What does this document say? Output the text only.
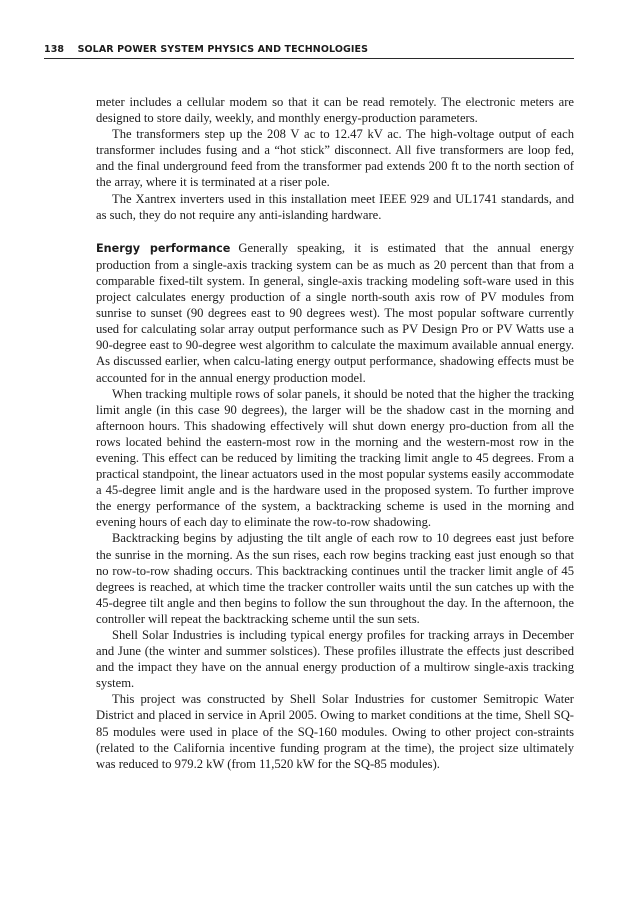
138 SOLAR POWER SYSTEM PHYSICS AND TECHNOLOGIES

meter includes a cellular modem so that it can be read remotely. The electronic meters are designed to store daily, weekly, and monthly energy-production parameters.

The transformers step up the 208 V ac to 12.47 kV ac. The high-voltage output of each transformer includes fusing and a “hot stick” disconnect. All five transformers are loop fed, and the final underground feed from the transformer pad extends 200 ft to the north section of the array, where it is terminated at a riser pole.

The Xantrex inverters used in this installation meet IEEE 929 and UL1741 standards, and as such, they do not require any anti-islanding hardware.

Energy performance Generally speaking, it is estimated that the annual energy production from a single-axis tracking system can be as much as 20 percent than that from a comparable fixed-tilt system. In general, single-axis tracking modeling soft-ware used in this project calculates energy production of a single north-south axis row of PV modules from sunrise to sunset (90 degrees east to 90 degrees west). The most popular software currently used for calculating solar array output performance such as PV Design Pro or PV Watts use a 90-degree east to 90-degree west algorithm to calculate the maximum available annual energy. As discussed earlier, when calcu-lating energy output performance, shadowing effects must be accounted for in the annual energy production model.

When tracking multiple rows of solar panels, it should be noted that the higher the tracking limit angle (in this case 90 degrees), the larger will be the shadow cast in the morning and afternoon hours. This shadowing effectively will shut down energy pro-duction from all the rows located behind the eastern-most row in the morning and the western-most row in the evening. This effect can be reduced by limiting the tracking limit angle to 45 degrees. From a practical standpoint, the linear actuators used in the most popular systems easily accommodate a 45-degree limit angle and is the hardware used in the proposed system. To further improve the energy performance of the system, a backtracking scheme is used in the morning and evening hours of each day to eliminate the row-to-row shadowing.

Backtracking begins by adjusting the tilt angle of each row to 10 degrees east just before the sunrise in the morning. As the sun rises, each row begins tracking east just enough so that no row-to-row shading occurs. This backtracking continues until the tracker limit angle of 45 degrees is reached, at which time the tracker controller waits until the sun catches up with the 45-degree tilt angle and then begins to follow the sun throughout the day. In the afternoon, the controller will repeat the backtracking scheme until the sun sets.

Shell Solar Industries is including typical energy profiles for tracking arrays in December and June (the winter and summer solstices). These profiles illustrate the effects just described and the impact they have on the annual energy production of a multirow single-axis tracking system.

This project was constructed by Shell Solar Industries for customer Semitropic Water District and placed in service in April 2005. Owing to market conditions at the time, Shell SQ-85 modules were used in place of the SQ-160 modules. Owing to other project con-straints (related to the California incentive funding program at the time), the project size ultimately was reduced to 979.2 kW (from 11,520 kW for the SQ-85 modules).
